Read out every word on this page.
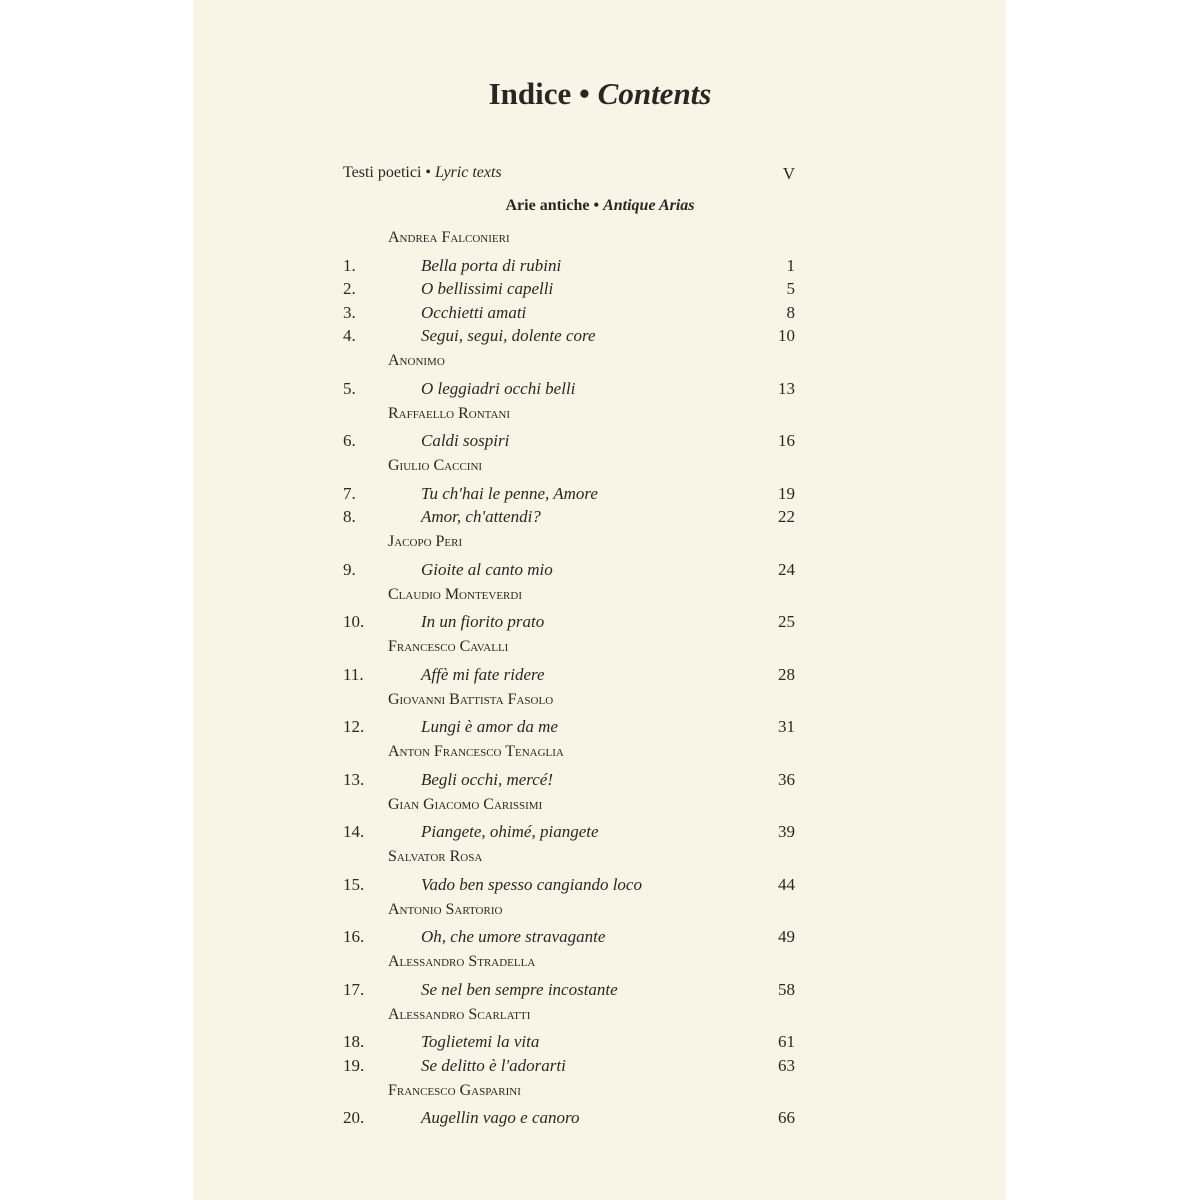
Indice • Contents
Testi poetici • Lyric texts	V
Arie antiche • Antique Arias
Andrea Falconieri
1.	Bella porta di rubini	1
2.	O bellissimi capelli	5
3.	Occhietti amati	8
4.	Segui, segui, dolente core	10
Anonimo
5.	O leggiadri occhi belli	13
Raffaello Rontani
6.	Caldi sospiri	16
Giulio Caccini
7.	Tu ch'hai le penne, Amore	19
8.	Amor, ch'attendi?	22
Jacopo Peri
9.	Gioite al canto mio	24
Claudio Monteverdi
10.	In un fiorito prato	25
Francesco Cavalli
11.	Affè mi fate ridere	28
Giovanni Battista Fasolo
12.	Lungi è amor da me	31
Anton Francesco Tenaglia
13.	Begli occhi, mercé!	36
Gian Giacomo Carissimi
14.	Piangete, ohimé, piangete	39
Salvator Rosa
15.	Vado ben spesso cangiando loco	44
Antonio Sartorio
16.	Oh, che umore stravagante	49
Alessandro Stradella
17.	Se nel ben sempre incostante	58
Alessandro Scarlatti
18.	Toglietemi la vita	61
19.	Se delitto è l'adorarti	63
Francesco Gasparini
20.	Augellin vago e canoro	66
